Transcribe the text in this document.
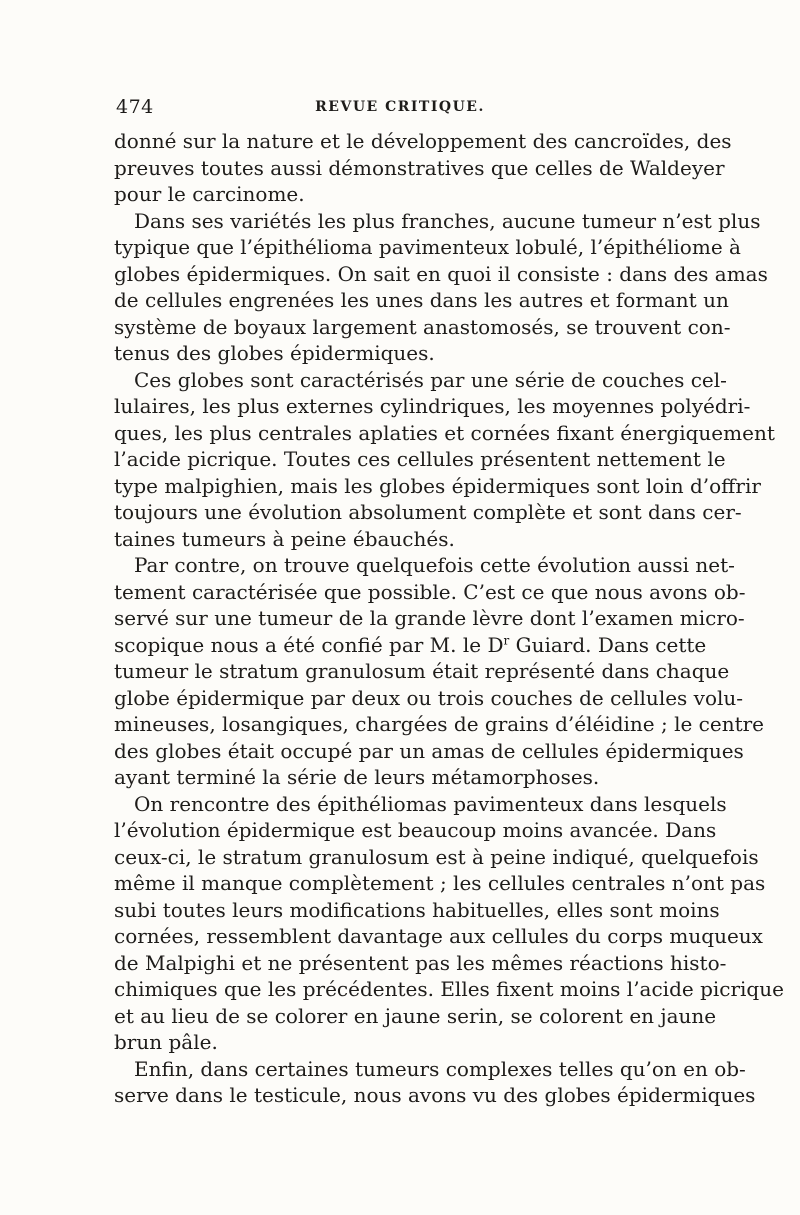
474	REVUE CRITIQUE.
donné sur la nature et le développement des cancroïdes, des
preuves toutes aussi démonstratives que celles de Waldeyer
pour le carcinome.
Dans ses variétés les plus franches, aucune tumeur n’est plus
typique que l’épithélioma pavimenteux lobulé, l’épithéliome à
globes épidermiques. On sait en quoi il consiste : dans des amas
de cellules engrenées les unes dans les autres et formant un
système de boyaux largement anastomosés, se trouvent con-
tenus des globes épidermiques.
Ces globes sont caractérisés par une série de couches cel-
lulaires, les plus externes cylindriques, les moyennes polyédri-
ques, les plus centrales aplaties et cornées fixant énergiquement
l’acide picrique. Toutes ces cellules présentent nettement le
type malpighien, mais les globes épidermiques sont loin d’offrir
toujours une évolution absolument complète et sont dans cer-
taines tumeurs à peine ébauchés.
Par contre, on trouve quelquefois cette évolution aussi net-
tement caractérisée que possible. C’est ce que nous avons ob-
servé sur une tumeur de la grande lèvre dont l’examen micro-
scopique nous a été confié par M. le $D^r$ Guiard. Dans cette
tumeur le stratum granulosum était représenté dans chaque
globe épidermique par deux ou trois couches de cellules volu-
mineuses, losangiques, chargées de grains d’éléidine ; le centre
des globes était occupé par un amas de cellules épidermiques
ayant terminé la série de leurs métamorphoses.
On rencontre des épithéliomas pavimenteux dans lesquels
l’évolution épidermique est beaucoup moins avancée. Dans
ceux-ci, le stratum granulosum est à peine indiqué, quelquefois
même il manque complètement ; les cellules centrales n’ont pas
subi toutes leurs modifications habituelles, elles sont moins
cornées, ressemblent davantage aux cellules du corps muqueux
de Malpighi et ne présentent pas les mêmes réactions histo-
chimiques que les précédentes. Elles fixent moins l’acide picrique
et au lieu de se colorer en jaune serin, se colorent en jaune
brun pâle.
Enfin, dans certaines tumeurs complexes telles qu’on en ob-
serve dans le testicule, nous avons vu des globes épidermiques
